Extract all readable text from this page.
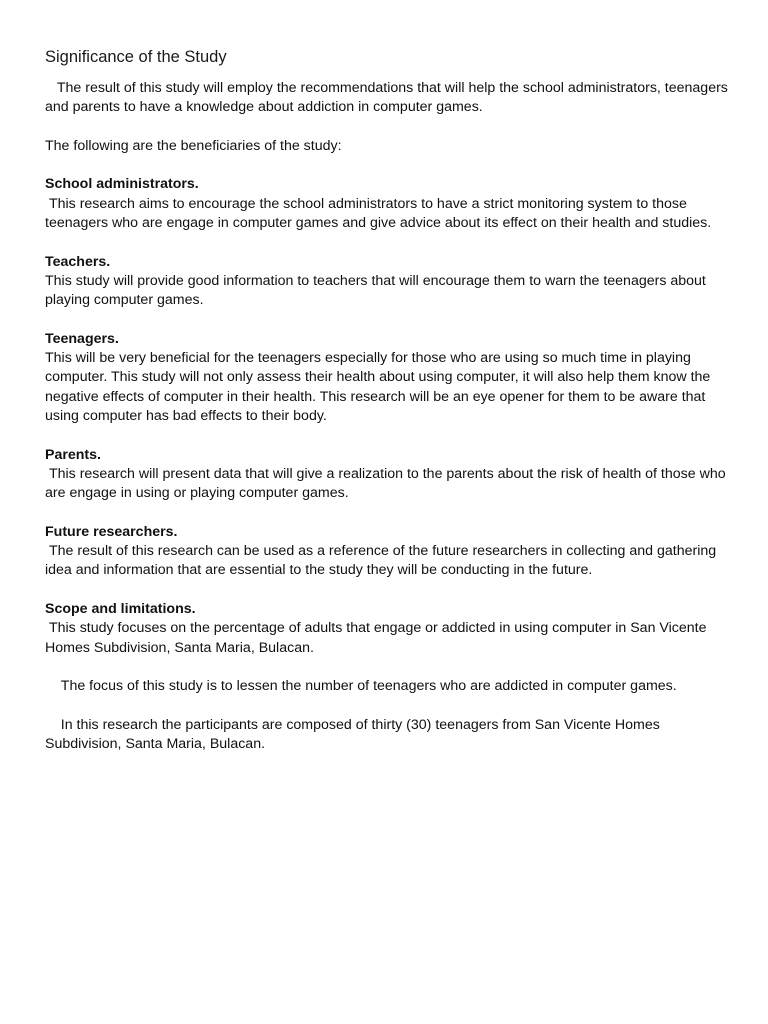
Significance of the Study

The result of this study will employ the recommendations that will help the school administrators, teenagers and parents to have a knowledge about addiction in computer games.

The following are the beneficiaries of the study:

School administrators.

This research aims to encourage the school administrators to have a strict monitoring system to those teenagers who are engage in computer games and give advice about its effect on their health and studies.

Teachers.

This study will provide good information to teachers that will encourage them to warn the teenagers about playing computer games.

Teenagers.

This will be very beneficial for the teenagers especially for those who are using so much time in playing computer. This study will not only assess their health about using computer, it will also help them know the negative effects of computer in their health. This research will be an eye opener for them to be aware that using computer has bad effects to their body.

Parents.

This research will present data that will give a realization to the parents about the risk of health of those who are engage in using or playing computer games.

Future researchers.

The result of this research can be used as a reference of the future researchers in collecting and gathering idea and information that are essential to the study they will be conducting in the future.

Scope and limitations.

This study focuses on the percentage of adults that engage or addicted in using computer in San Vicente Homes Subdivision, Santa Maria, Bulacan.

The focus of this study is to lessen the number of teenagers who are addicted in computer games.

In this research the participants are composed of thirty (30) teenagers from San Vicente Homes Subdivision, Santa Maria, Bulacan.
